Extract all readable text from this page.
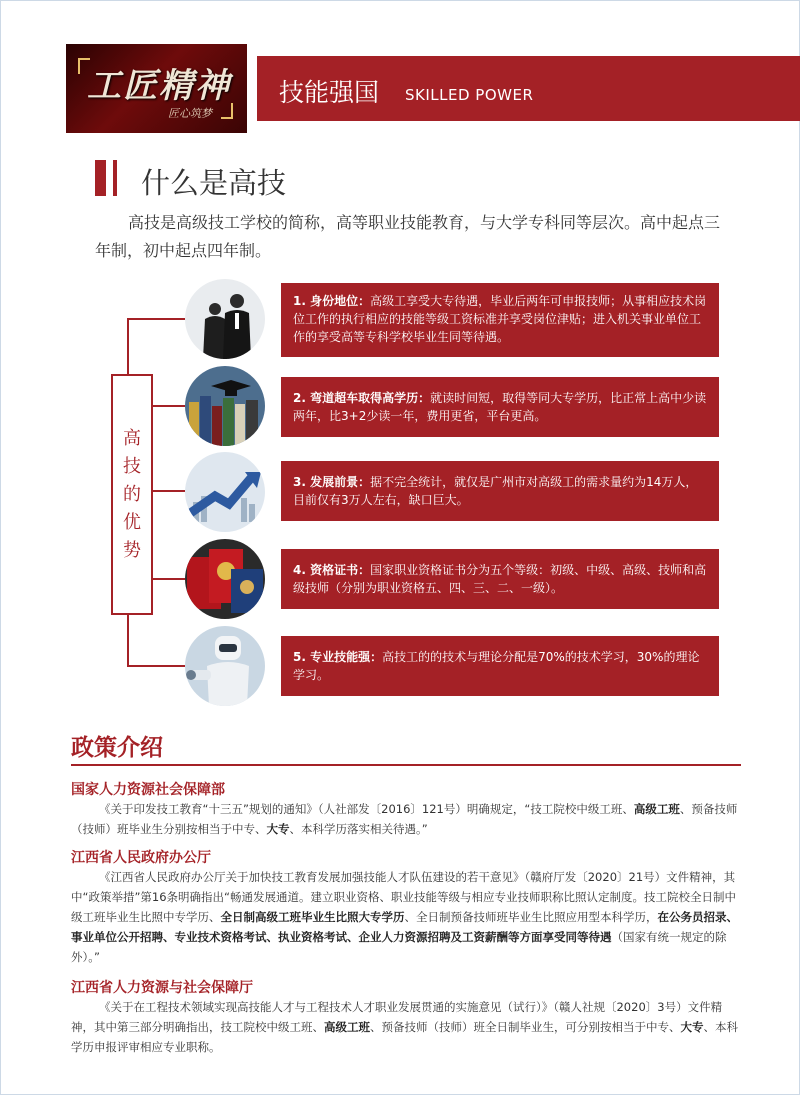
工匠精神
匠心筑梦
技能强国 SKILLED POWER
什么是高技

高技是高级技工学校的简称，高等职业技能教育，与大学专科同等层次。高中起点三年制，初中起点四年制。

高
技
的
优
势
1. 身份地位：高级工享受大专待遇，毕业后两年可申报技师；从事相应技术岗位工作的执行相应的技能等级工资标准并享受岗位津贴；进入机关事业单位工作的享受高等专科学校毕业生同等待遇。
2. 弯道超车取得高学历：就读时间短，取得等同大专学历，比正常上高中少读两年，比3+2少读一年，费用更省，平台更高。
3. 发展前景：据不完全统计，就仅是广州市对高级工的需求量约为14万人，目前仅有3万人左右，缺口巨大。
4. 资格证书：国家职业资格证书分为五个等级：初级、中级、高级、技师和高级技师（分别为职业资格五、四、三、二、一级）。
5. 专业技能强：高技工的的技术与理论分配是70%的技术学习，30%的理论学习。
政策介绍
国家人力资源社会保障部

《关于印发技工教育“十三五”规划的通知》（人社部发〔2016〕121号）明确规定，“技工院校中级工班、高级工班、预备技师（技师）班毕业生分别按相当于中专、大专、本科学历落实相关待遇。”

江西省人民政府办公厅

《江西省人民政府办公厅关于加快技工教育发展加强技能人才队伍建设的若干意见》（赣府厅发〔2020〕21号）文件精神，其中“政策举措”第16条明确指出“畅通发展通道。建立职业资格、职业技能等级与相应专业技师职称比照认定制度。技工院校全日制中级工班毕业生比照中专学历、全日制高级工班毕业生比照大专学历、全日制预备技师班毕业生比照应用型本科学历，在公务员招录、事业单位公开招聘、专业技术资格考试、执业资格考试、企业人力资源招聘及工资薪酬等方面享受同等待遇（国家有统一规定的除外）。”

江西省人力资源与社会保障厅

《关于在工程技术领域实现高技能人才与工程技术人才职业发展贯通的实施意见（试行）》（赣人社规〔2020〕3号）文件精神，其中第三部分明确指出，技工院校中级工班、高级工班、预备技师（技师）班全日制毕业生，可分别按相当于中专、大专、本科学历申报评审相应专业职称。
